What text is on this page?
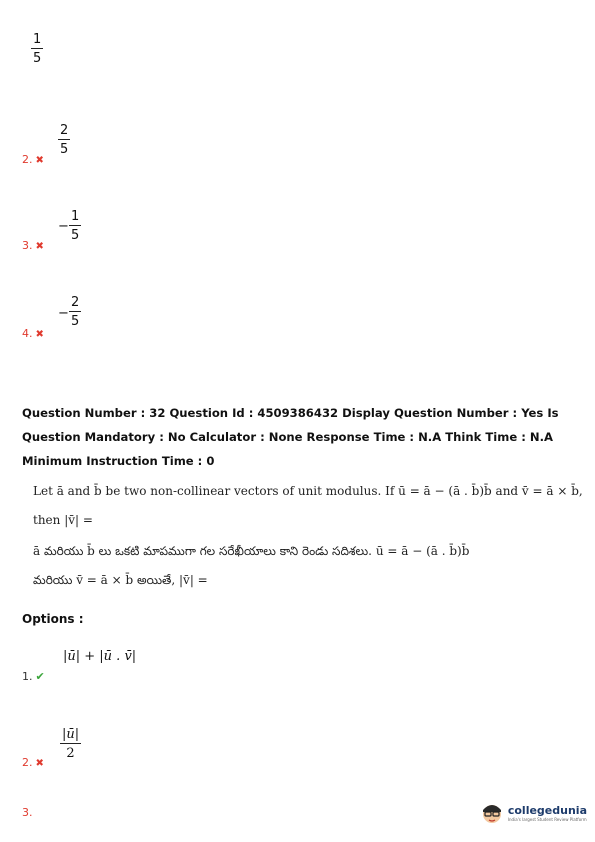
1
5
2. ✖
2
5
3. ✖
−
1
5
4. ✖
−
2
5
Question Number : 32 Question Id : 4509386432 Display Question Number : Yes Is Question Mandatory : No Calculator : None Response Time : N.A Think Time : N.A Minimum Instruction Time : 0
Let ā and b̄ be two non-collinear vectors of unit modulus. If ū = ā − (ā . b̄)b̄ and v̄ = ā × b̄,
then |v̄| =
ā మరియు b̄ లు ఒకటి మాపముగా గల సరేఖీయాలు కాని రెండు సదిశలు. ū = ā − (ā . b̄)b̄
మరియు v̄ = ā × b̄ అయితే, |v̄| =
Options :
1. ✔
|ū| + |ū . v̄|
2. ✖
|ū|
2
3.	collegedunia
India's largest Student Review Platform
